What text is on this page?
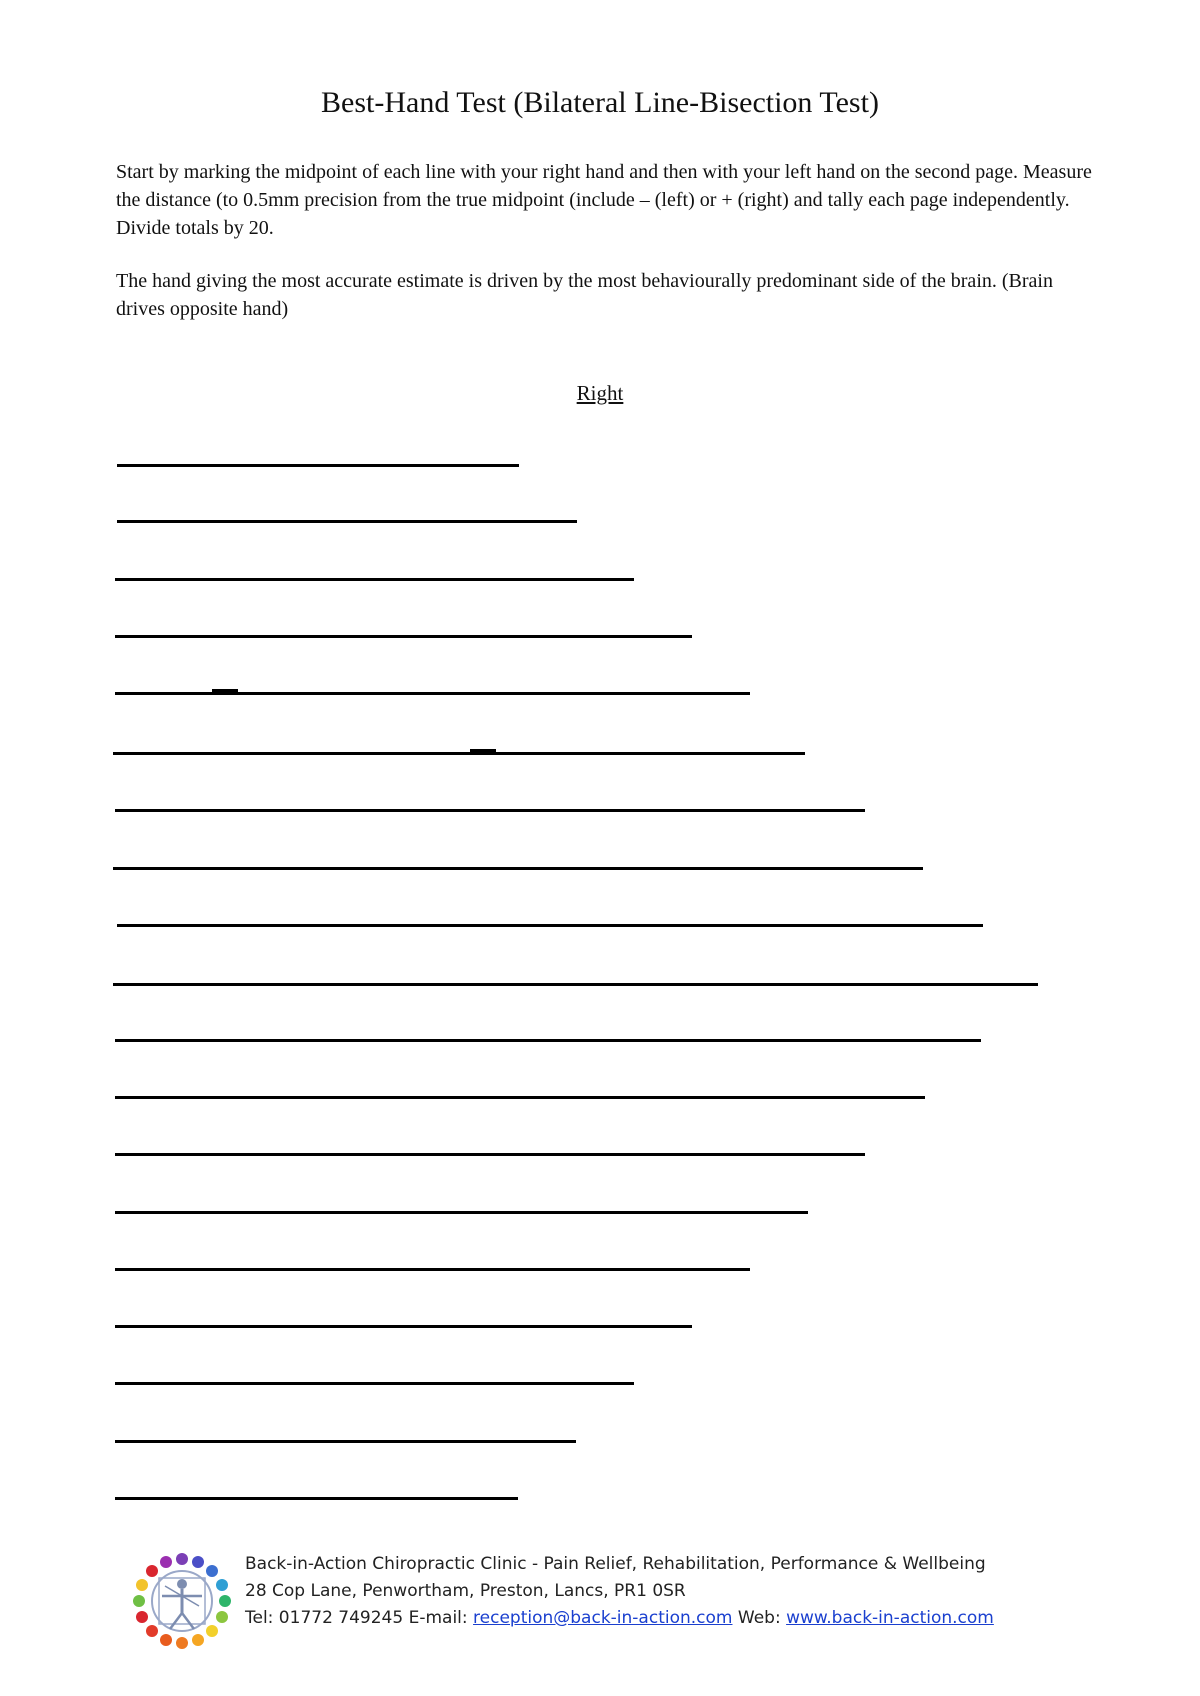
Best-Hand Test (Bilateral Line-Bisection Test)

Start by marking the midpoint of each line with your right hand and then with your left hand on the second page. Measure the distance (to 0.5mm precision from the true midpoint (include – (left) or + (right) and tally each page independently. Divide totals by 20.

The hand giving the most accurate estimate is driven by the most behaviourally predominant side of the brain. (Brain drives opposite hand)

Right
Back-in-Action Chiropractic Clinic - Pain Relief, Rehabilitation, Performance & Wellbeing
28 Cop Lane, Penwortham, Preston, Lancs, PR1 0SR
Tel: 01772 749245 E-mail: reception@back-in-action.com Web: www.back-in-action.com
